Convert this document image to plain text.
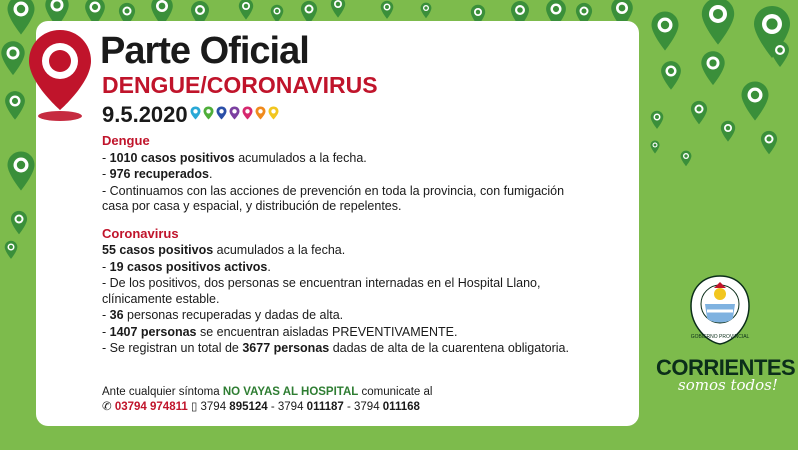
Parte Oficial
DENGUE/CORONAVIRUS
9.5.2020
Dengue
- 1010 casos positivos acumulados a la fecha.
- 976 recuperados.
- Continuamos con las acciones de prevención en toda la provincia, con fumigación casa por casa y espacial, y distribución de repelentes.
Coronavirus
55 casos positivos acumulados a la fecha.
- 19 casos positivos activos.
- De los positivos, dos personas se encuentran internadas en el Hospital Llano, clínicamente estable.
- 36 personas recuperadas y dadas de alta.
- 1407 personas se encuentran aisladas PREVENTIVAMENTE.
- Se registran un total de 3677 personas dadas de alta de la cuarentena obligatoria.
Ante cualquier síntoma NO VAYAS AL HOSPITAL comunicate al
✆ 03794 974811 ▯ 3794 895124 - 3794 011187 - 3794 011168
GOBIERNO PROVINCIAL
CORRIENTES
somos todos!
